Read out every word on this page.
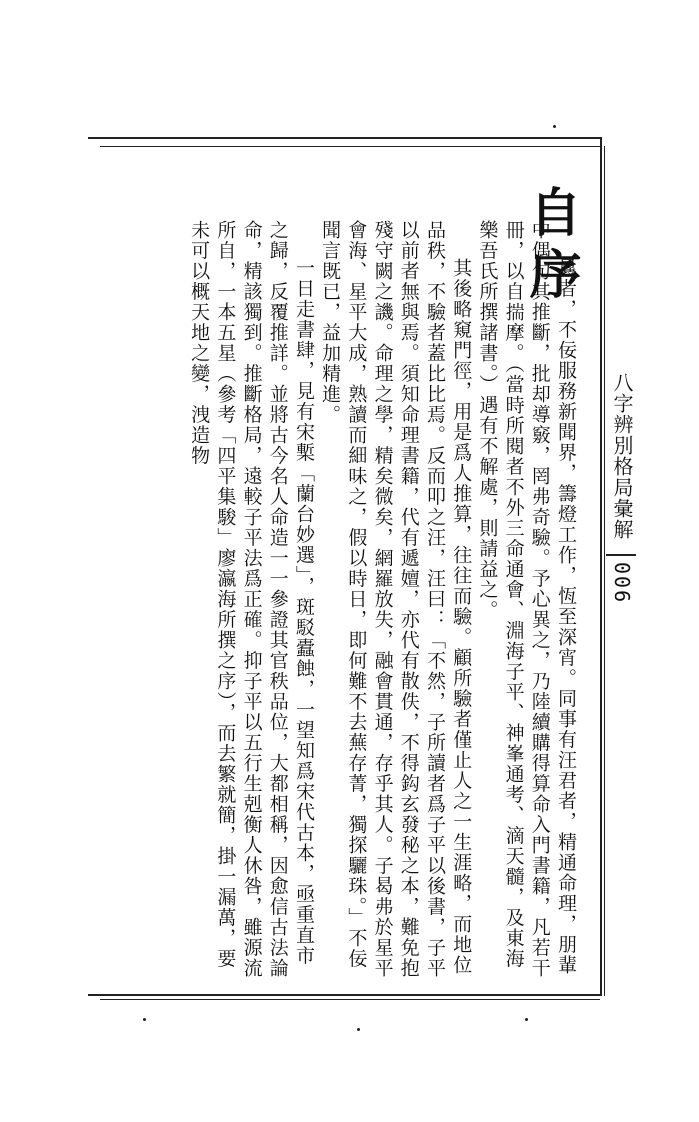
八字辨別格局彙解
006
自序

曩者，不佞服務新聞界，籌燈工作，恆至深宵。同事有汪君者，精通命理，朋輩中偶句其推斷，批却導竅，罔弗奇驗。予心異之，乃陸續購得算命入門書籍，凡若干冊，以自揣摩。（當時所閱者不外三命通會、淵海子平、神峯通考、滴天髓，及東海樂吾氏所撰諸書。）遇有不解處，則請益之。

其後略窺門徑，用是爲人推算，往往而驗。顧所驗者僅止人之一生涯略，而地位品秩，不驗者蓋比比焉。反而叩之汪，汪曰：「不然，子所讀者爲子平以後書，子平以前者無與焉。須知命理書籍，代有遞嬗，亦代有散佚，不得鈎玄發秘之本，難免抱殘守闕之譏。命理之學，精矣微矣，網羅放失，融會貫通，存乎其人。子曷弗於星平會海、星平大成，熟讀而細味之，假以時日，即何難不去蕪存菁，獨探驪珠。」不佞聞言既已，益加精進。

一日走書肆，見有宋槧「蘭台妙選」，斑駁蠹蝕，一望知爲宋代古本，亟重直市之歸，反覆推詳。並將古今名人命造一一參證其官秩品位，大都相稱，因愈信古法論命，精該獨到。推斷格局，遠較子平法爲正確。抑子平以五行生剋衡人休咎，雖源流所自，一本五星（參考「四平集駿」廖瀛海所撰之序），而去繁就簡，掛一漏萬，要未可以概天地之變，洩造物
